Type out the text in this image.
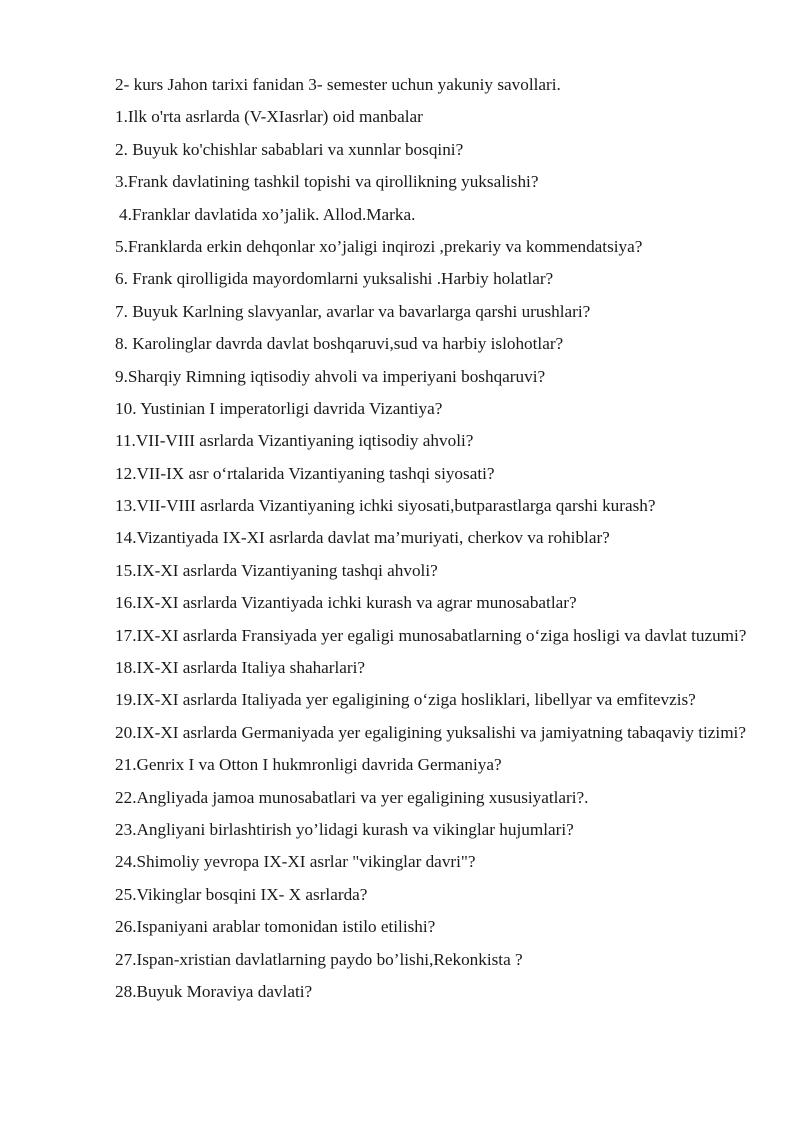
2- kurs Jahon tarixi fanidan 3- semester uchun yakuniy savollari.
1.Ilk o'rta asrlarda (V-XIasrlar) oid manbalar
2. Buyuk ko'chishlar sabablari va xunnlar bosqini?
3.Frank davlatining tashkil topishi va qirollikning yuksalishi?
4.Franklar davlatida xo’jalik. Allod.Marka.
5.Franklarda erkin dehqonlar xo’jaligi inqirozi ,prekariy va kommendatsiya?
6. Frank qirolligida mayordomlarni yuksalishi .Harbiy holatlar?
7. Buyuk Karlning slavyanlar, avarlar va bavarlarga qarshi urushlari?
8. Karolinglar davrda davlat boshqaruvi,sud va harbiy islohotlar?
9.Sharqiy Rimning iqtisodiy ahvoli va imperiyani boshqaruvi?
10. Yustinian I imperatorligi davrida Vizantiya?
11.VII-VIII asrlarda Vizantiyaning iqtisodiy ahvoli?
12.VII-IX asr o‘rtalarida Vizantiyaning tashqi siyosati?
13.VII-VIII asrlarda Vizantiyaning ichki siyosati,butparastlarga qarshi kurash?
14.Vizantiyada IX-XI asrlarda davlat ma’muriyati, cherkov va rohiblar?
15.IX-XI asrlarda Vizantiyaning tashqi ahvoli?
16.IX-XI asrlarda Vizantiyada ichki kurash va agrar munosabatlar?
17.IX-XI asrlarda Fransiyada yer egaligi munosabatlarning o‘ziga hosligi va davlat tuzumi?
18.IX-XI asrlarda Italiya shaharlari?
19.IX-XI asrlarda Italiyada yer egaligining o‘ziga hosliklari, libellyar va emfitevzis?
20.IX-XI asrlarda Germaniyada yer egaligining yuksalishi va jamiyatning tabaqaviy tizimi?
21.Genrix I va Otton I hukmronligi davrida Germaniya?
22.Angliyada jamoa munosabatlari va yer egaligining xususiyatlari?.
23.Angliyani birlashtirish yo’lidagi kurash va vikinglar hujumlari?
24.Shimoliy yevropa IX-XI asrlar "vikinglar davri"?
25.Vikinglar bosqini IX- X asrlarda?
26.Ispaniyani arablar tomonidan istilo etilishi?
27.Ispan-xristian davlatlarning paydo bo’lishi,Rekonkista ?
28.Buyuk Moraviya davlati?
